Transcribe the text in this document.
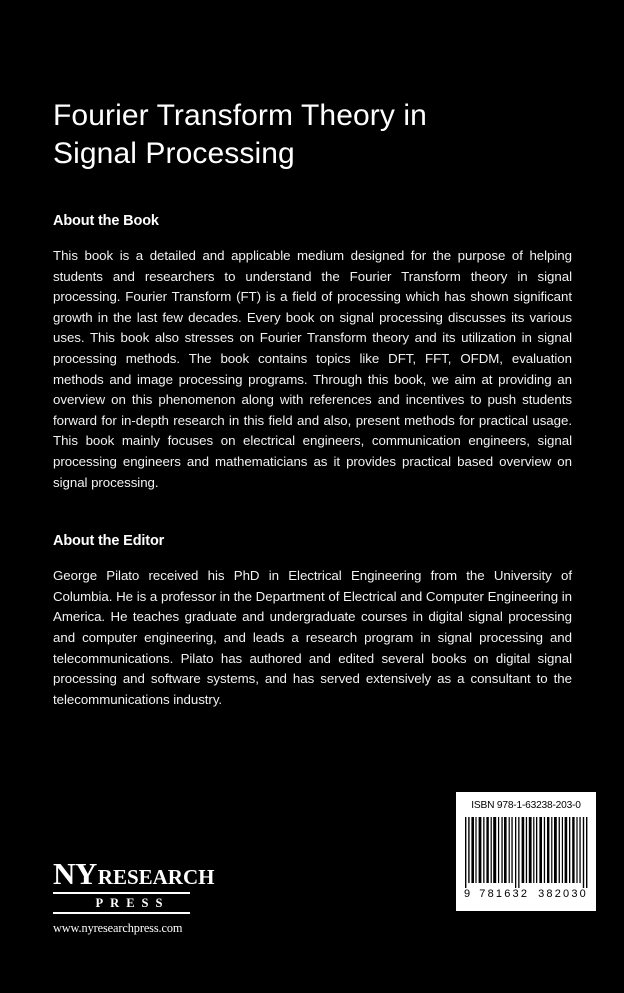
Fourier Transform Theory in Signal Processing
About the Book

This book is a detailed and applicable medium designed for the purpose of helping students and researchers to understand the Fourier Transform theory in signal processing. Fourier Transform (FT) is a field of processing which has shown significant growth in the last few decades. Every book on signal processing discusses its various uses. This book also stresses on Fourier Transform theory and its utilization in signal processing methods. The book contains topics like DFT, FFT, OFDM, evaluation methods and image processing programs. Through this book, we aim at providing an overview on this phenomenon along with references and incentives to push students forward for in-depth research in this field and also, present methods for practical usage. This book mainly focuses on electrical engineers, communication engineers, signal processing engineers and mathematicians as it provides practical based overview on signal processing.

About the Editor

George Pilato received his PhD in Electrical Engineering from the University of Columbia. He is a professor in the Department of Electrical and Computer Engineering in America. He teaches graduate and undergraduate courses in digital signal processing and computer engineering, and leads a research program in signal processing and telecommunications. Pilato has authored and edited several books on digital signal processing and software systems, and has served extensively as a consultant to the telecommunications industry.

NY RESEARCH
PRESS
www.nyresearchpress.com
ISBN 978-1-63238-203-0
9 781632 382030
